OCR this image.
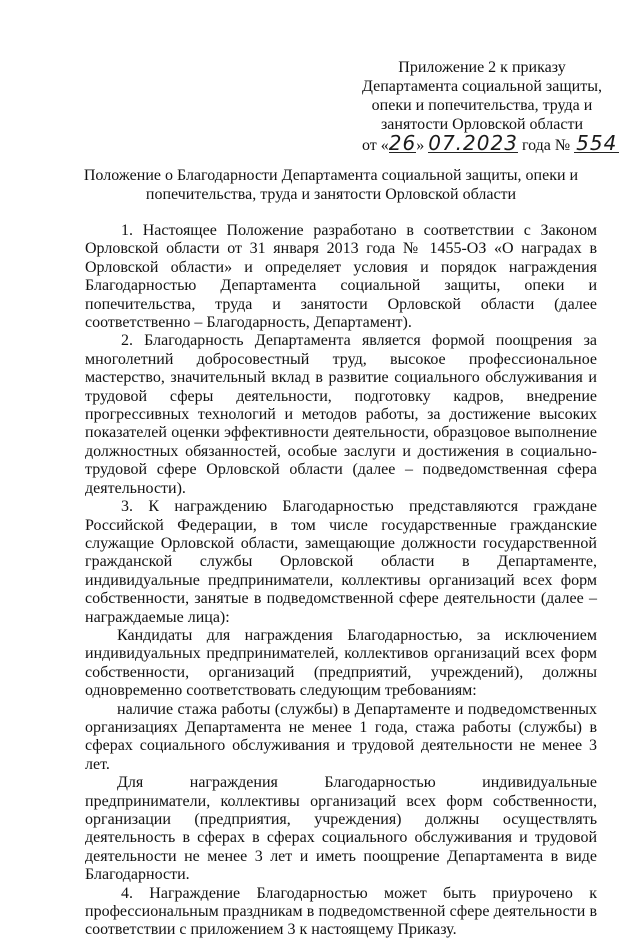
Приложение 2 к приказу
Департамента социальной защиты,
опеки и попечительства, труда и
занятости Орловской области
от «26» 07.2023 года № 554
Положение о Благодарности Департамента социальной защиты, опеки и попечительства, труда и занятости Орловской области

1. Настоящее Положение разработано в соответствии с Законом Орловской области от 31 января 2013 года № 1455-ОЗ «О наградах в Орловской области» и определяет условия и порядок награждения Благодарностью Департамента социальной защиты, опеки и попечительства, труда и занятости Орловской области (далее соответственно – Благодарность, Департамент).

2. Благодарность Департамента является формой поощрения за многолетний добросовестный труд, высокое профессиональное мастерство, значительный вклад в развитие социального обслуживания и трудовой сферы деятельности, подготовку кадров, внедрение прогрессивных технологий и методов работы, за достижение высоких показателей оценки эффективности деятельности, образцовое выполнение должностных обязанностей, особые заслуги и достижения в социально-трудовой сфере Орловской области (далее – подведомственная сфера деятельности).

3. К награждению Благодарностью представляются граждане Российской Федерации, в том числе государственные гражданские служащие Орловской области, замещающие должности государственной гражданской службы Орловской области в Департаменте, индивидуальные предприниматели, коллективы организаций всех форм собственности, занятые в подведомственной сфере деятельности (далее – награждаемые лица):

Кандидаты для награждения Благодарностью, за исключением индивидуальных предпринимателей, коллективов организаций всех форм собственности, организаций (предприятий, учреждений), должны одновременно соответствовать следующим требованиям:

наличие стажа работы (службы) в Департаменте и подведомственных организациях Департамента не менее 1 года, стажа работы (службы) в сферах социального обслуживания и трудовой деятельности не менее 3 лет.

Для награждения Благодарностью индивидуальные предприниматели, коллективы организаций всех форм собственности, организации (предприятия, учреждения) должны осуществлять деятельность в сферах в сферах социального обслуживания и трудовой деятельности не менее 3 лет и иметь поощрение Департамента в виде Благодарности.

4. Награждение Благодарностью может быть приурочено к профессиональным праздникам в подведомственной сфере деятельности в соответствии с приложением 3 к настоящему Приказу.
